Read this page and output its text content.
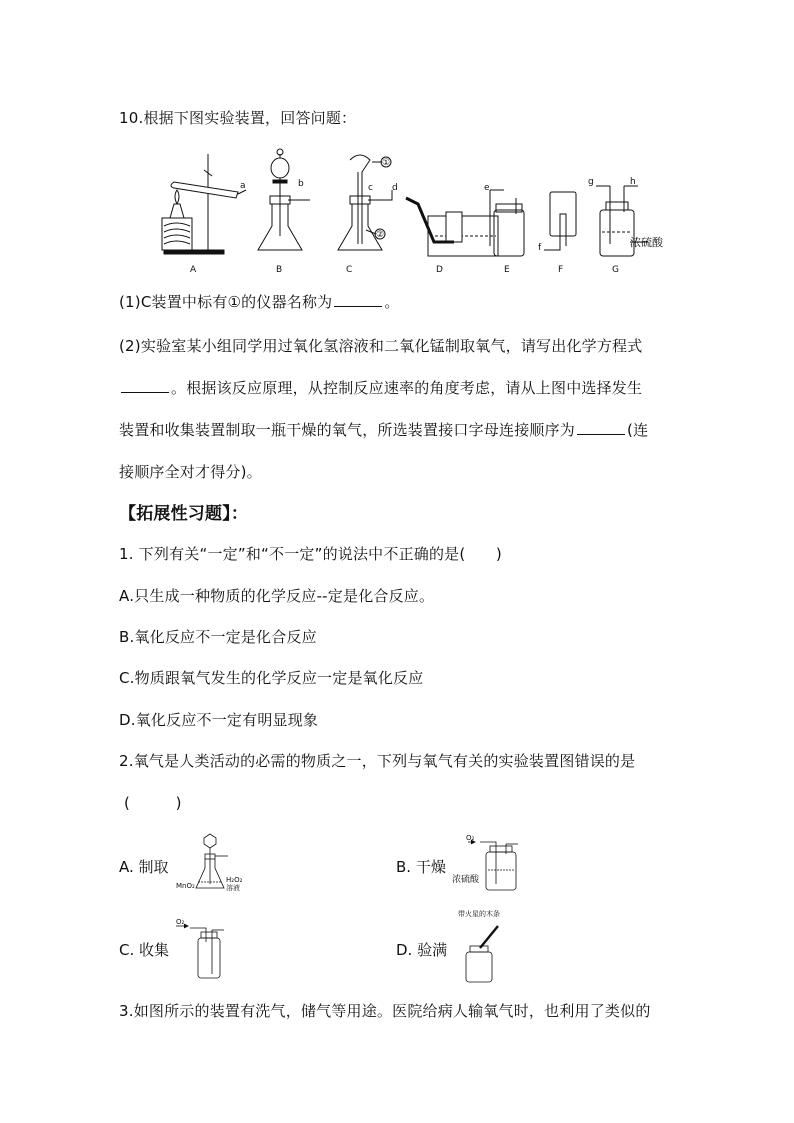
10.根据下图实验装置，回答问题：
a	b	c d	e
f
g	h
①
②
浓硫酸
A	B	C	D	E	F	G
(1)C装置中标有①的仪器名称为	。
(2)实验室某小组同学用过氧化氢溶液和二氧化锰制取氧气，请写出化学方程式
。根据该反应原理，从控制反应速率的角度考虑，请从上图中选择发生
装置和收集装置制取一瓶干燥的氧气，所选装置接口字母连接顺序为	(连
接顺序全对才得分)。
【拓展性习题】：
1. 下列有关“一定”和“不一定”的说法中不正确的是(　　)
A.只生成一种物质的化学反应--定是化合反应。
B.氧化反应不一定是化合反应
C.物质跟氧气发生的化学反应一定是氧化反应
D.氧化反应不一定有明显现象
2.氧气是人类活动的必需的物质之一，下列与氧气有关的实验装置图错误的是
(　　　)
A. 制取
MnO₂
H₂O₂
溶液
B. 干燥
O₂
浓硫酸
C. 收集
O₂
D. 验满
带火星的木条
3.如图所示的装置有洗气，储气等用途。医院给病人输氧气时，也利用了类似的
